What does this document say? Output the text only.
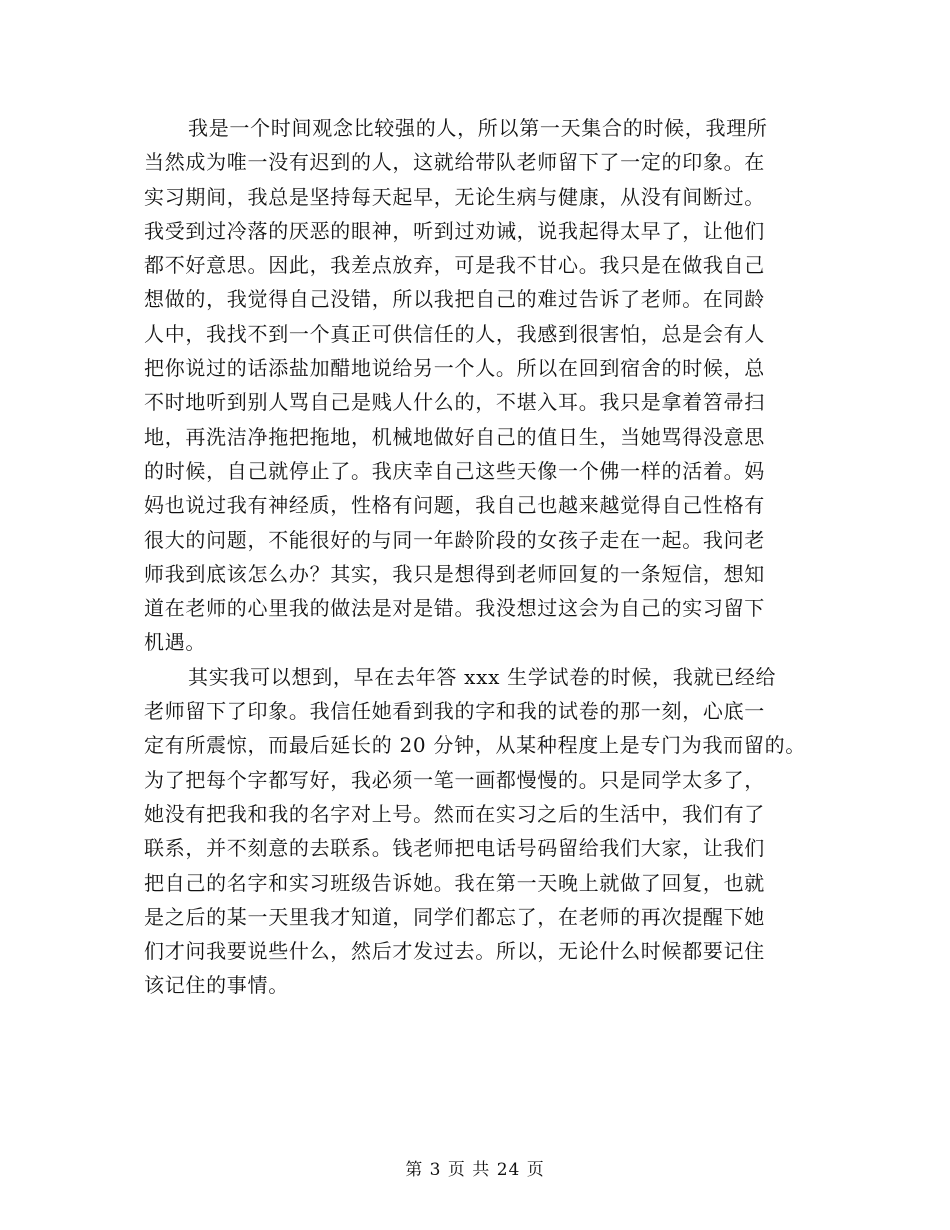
我是一个时间观念比较强的人，所以第一天集合的时候，我理所
当然成为唯一没有迟到的人，这就给带队老师留下了一定的印象。在
实习期间，我总是坚持每天起早，无论生病与健康，从没有间断过。
我受到过冷落的厌恶的眼神，听到过劝诫，说我起得太早了，让他们
都不好意思。因此，我差点放弃，可是我不甘心。我只是在做我自己
想做的，我觉得自己没错，所以我把自己的难过告诉了老师。在同龄
人中，我找不到一个真正可供信任的人，我感到很害怕，总是会有人
把你说过的话添盐加醋地说给另一个人。所以在回到宿舍的时候，总
不时地听到别人骂自己是贱人什么的，不堪入耳。我只是拿着笤帚扫
地，再洗洁净拖把拖地，机械地做好自己的值日生，当她骂得没意思
的时候，自己就停止了。我庆幸自己这些天像一个佛一样的活着。妈
妈也说过我有神经质，性格有问题，我自己也越来越觉得自己性格有
很大的问题，不能很好的与同一年龄阶段的女孩子走在一起。我问老
师我到底该怎么办？其实，我只是想得到老师回复的一条短信，想知
道在老师的心里我的做法是对是错。我没想过这会为自己的实习留下
机遇。
其实我可以想到，早在去年答 xxx 生学试卷的时候，我就已经给
老师留下了印象。我信任她看到我的字和我的试卷的那一刻，心底一
定有所震惊，而最后延长的 20 分钟，从某种程度上是专门为我而留的。
为了把每个字都写好，我必须一笔一画都慢慢的。只是同学太多了，
她没有把我和我的名字对上号。然而在实习之后的生活中，我们有了
联系，并不刻意的去联系。钱老师把电话号码留给我们大家，让我们
把自己的名字和实习班级告诉她。我在第一天晚上就做了回复，也就
是之后的某一天里我才知道，同学们都忘了，在老师的再次提醒下她
们才问我要说些什么，然后才发过去。所以，无论什么时候都要记住
该记住的事情。
第 3 页 共 24 页
